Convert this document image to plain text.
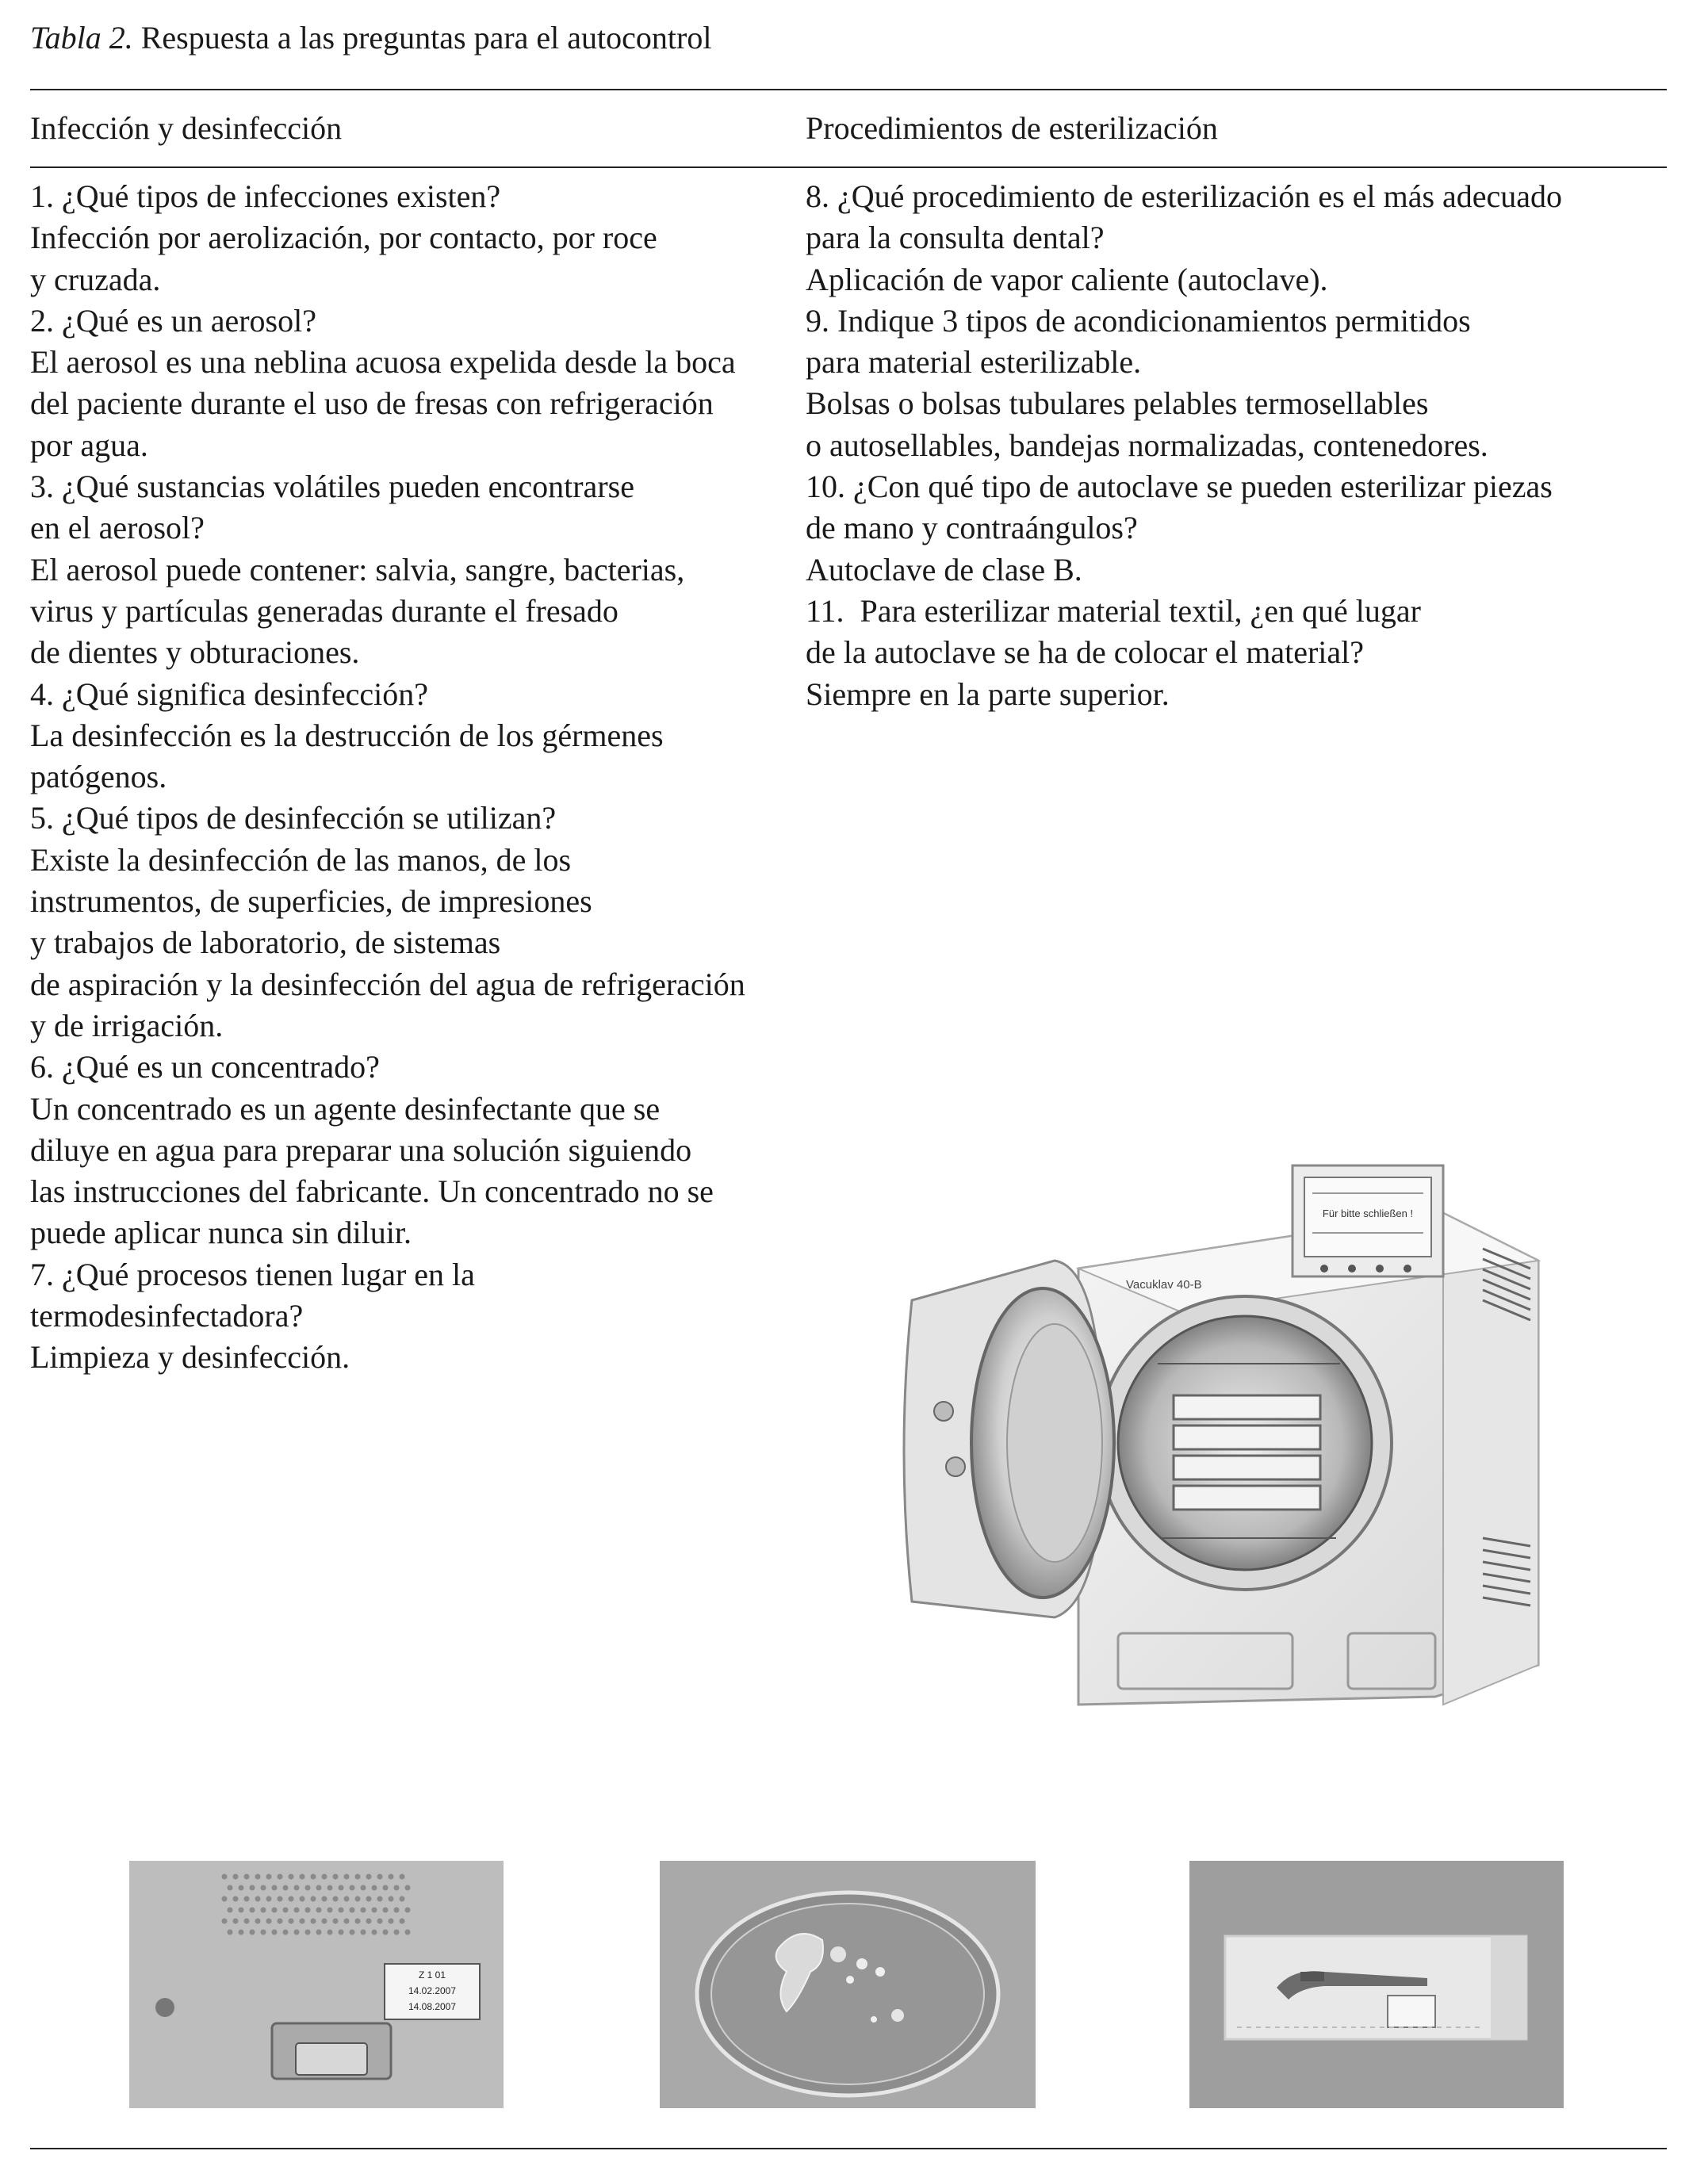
Tabla 2. Respuesta a las preguntas para el autocontrol
Infección y desinfección	Procedimientos de esterilización
1. ¿Qué tipos de infecciones existen?
Infección por aerolización, por contacto, por roce
y cruzada.
2. ¿Qué es un aerosol?
El aerosol es una neblina acuosa expelida desde la boca
del paciente durante el uso de fresas con refrigeración
por agua.
3. ¿Qué sustancias volátiles pueden encontrarse
en el aerosol?
El aerosol puede contener: salvia, sangre, bacterias,
virus y partículas generadas durante el fresado
de dientes y obturaciones.
4. ¿Qué significa desinfección?
La desinfección es la destrucción de los gérmenes
patógenos.
5. ¿Qué tipos de desinfección se utilizan?
Existe la desinfección de las manos, de los
instrumentos, de superficies, de impresiones
y trabajos de laboratorio, de sistemas
de aspiración y la desinfección del agua de refrigeración
y de irrigación.
6. ¿Qué es un concentrado?
Un concentrado es un agente desinfectante que se
diluye en agua para preparar una solución siguiendo
las instrucciones del fabricante. Un concentrado no se
puede aplicar nunca sin diluir.
7. ¿Qué procesos tienen lugar en la
termodesinfectadora?
Limpieza y desinfección.
8. ¿Qué procedimiento de esterilización es el más adecuado
para la consulta dental?
Aplicación de vapor caliente (autoclave).
9. Indique 3 tipos de acondicionamientos permitidos
para material esterilizable.
Bolsas o bolsas tubulares pelables termosellables
o autosellables, bandejas normalizadas, contenedores.
10. ¿Con qué tipo de autoclave se pueden esterilizar piezas
de mano y contraángulos?
Autoclave de clase B.
11.  Para esterilizar material textil, ¿en qué lugar
de la autoclave se ha de colocar el material?
Siempre en la parte superior.
Für bitte schließen !
Vacuklav 40-B
Z 1 01
14.02.2007
14.08.2007
